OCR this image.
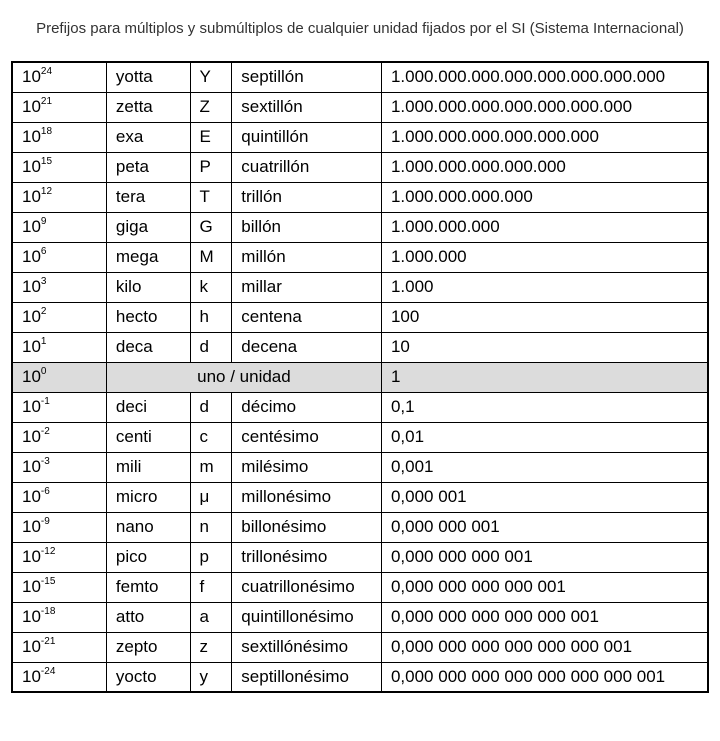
Prefijos para múltiplos y submúltiplos de cualquier unidad fijados por el SI (Sistema Internacional)
$10^{24}$	yotta	Y	septillón	1.000.000.000.000.000.000.000.000
$10^{21}$	zetta	Z	sextillón	1.000.000.000.000.000.000.000
$10^{18}$	exa	E	quintillón	1.000.000.000.000.000.000
$10^{15}$	peta	P	cuatrillón	1.000.000.000.000.000
$10^{12}$	tera	T	trillón	1.000.000.000.000
$10^9$	giga	G	billón	1.000.000.000
$10^6$	mega	M	millón	1.000.000
$10^3$	kilo	k	millar	1.000
$10^2$	hecto	h	centena	100
$10^1$	deca	d	decena	10
$10^0$	uno / unidad			1
$10^{-1}$	deci	d	décimo	0,1
$10^{-2}$	centi	c	centésimo	0,01
$10^{-3}$	mili	m	milésimo	0,001
$10^{-6}$	micro	μ	millonésimo	0,000 001
$10^{-9}$	nano	n	billonésimo	0,000 000 001
$10^{-12}$	pico	p	trillonésimo	0,000 000 000 001
$10^{-15}$	femto	f	cuatrillonésimo	0,000 000 000 000 001
$10^{-18}$	atto	a	quintillonésimo	0,000 000 000 000 000 001
$10^{-21}$	zepto	z	sextillónésimo	0,000 000 000 000 000 000 001
$10^{-24}$	yocto	y	septillonésimo	0,000 000 000 000 000 000 000 001
